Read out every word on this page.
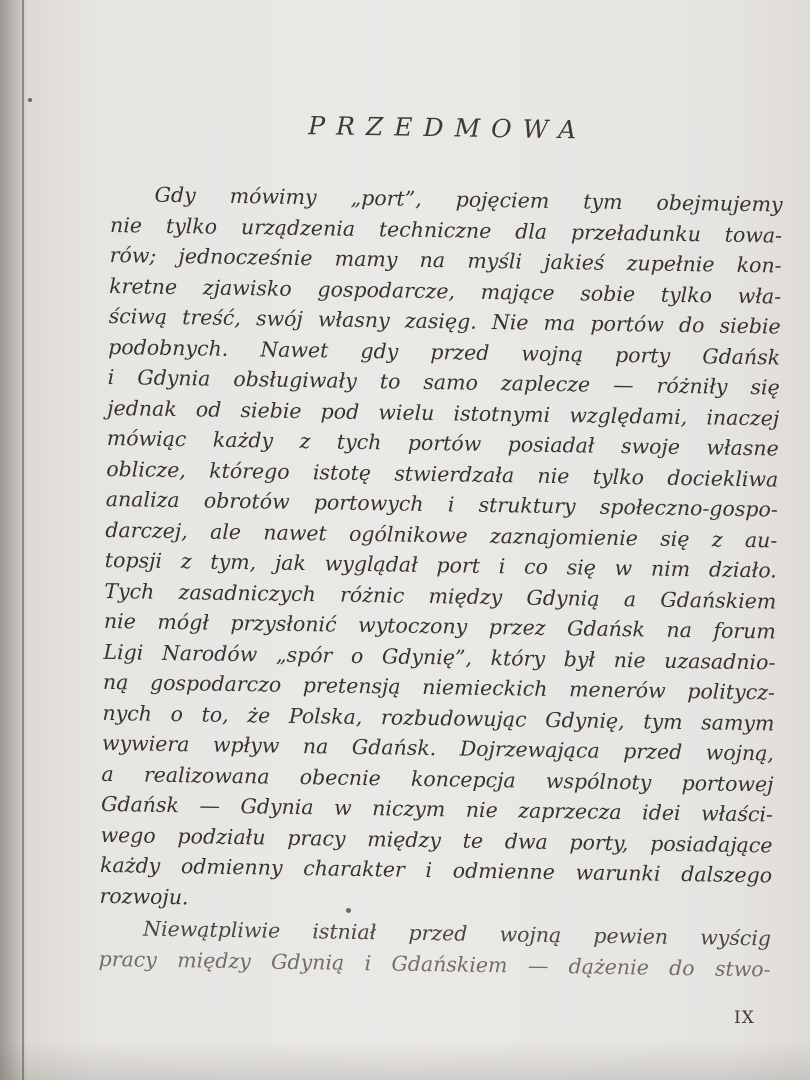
PRZEDMOWA

Gdy mówimy „port”, pojęciem tym obejmujemy
nie tylko urządzenia techniczne dla przeładunku towa-
rów; jednocześnie mamy na myśli jakieś zupełnie kon-
kretne zjawisko gospodarcze, mające sobie tylko wła-
ściwą treść, swój własny zasięg. Nie ma portów do siebie
podobnych. Nawet gdy przed wojną porty Gdańsk
i Gdynia obsługiwały to samo zaplecze — różniły się
jednak od siebie pod wielu istotnymi względami, inaczej
mówiąc każdy z tych portów posiadał swoje własne
oblicze, którego istotę stwierdzała nie tylko dociekliwa
analiza obrotów portowych i struktury społeczno-gospo-
darczej, ale nawet ogólnikowe zaznajomienie się z au-
topsji z tym, jak wyglądał port i co się w nim działo.
Tych zasadniczych różnic między Gdynią a Gdańskiem
nie mógł przysłonić wytoczony przez Gdańsk na forum
Ligi Narodów „spór o Gdynię”, który był nie uzasadnio-
ną gospodarczo pretensją niemieckich menerów politycz-
nych o to, że Polska, rozbudowując Gdynię, tym samym
wywiera wpływ na Gdańsk. Dojrzewająca przed wojną,
a realizowana obecnie koncepcja wspólnoty portowej
Gdańsk — Gdynia w niczym nie zaprzecza idei właści-
wego podziału pracy między te dwa porty, posiadające
każdy odmienny charakter i odmienne warunki dalszego
rozwoju.

Niewątpliwie istniał przed wojną pewien wyścig
pracy między Gdynią i Gdańskiem — dążenie do stwo-

IX
